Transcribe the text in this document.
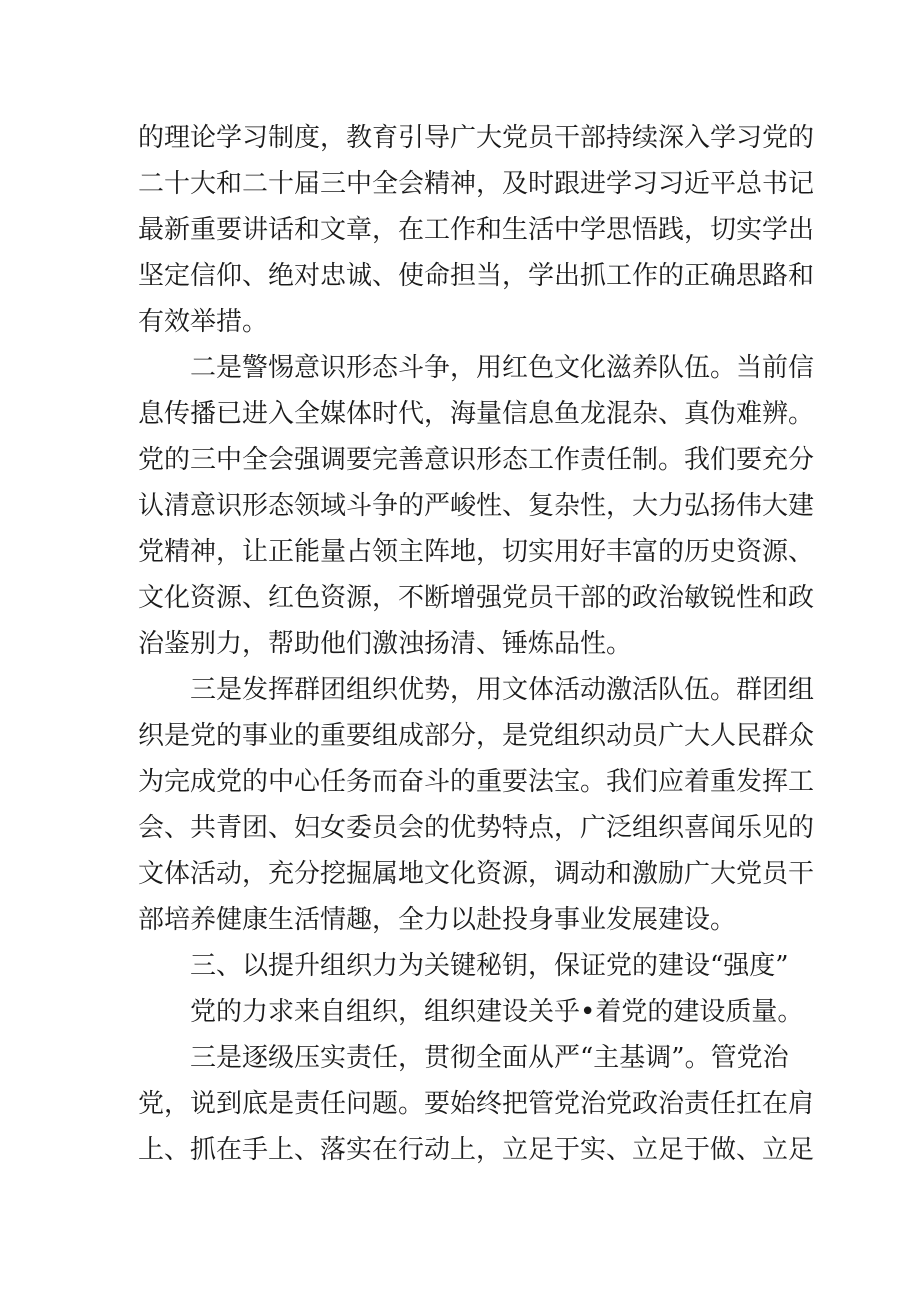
的理论学习制度，教育引导广大党员干部持续深入学习党的
二十大和二十届三中全会精神，及时跟进学习习近平总书记
最新重要讲话和文章，在工作和生活中学思悟践，切实学出
坚定信仰、绝对忠诚、使命担当，学出抓工作的正确思路和
有效举措。
二是警惕意识形态斗争，用红色文化滋养队伍。当前信
息传播已进入全媒体时代，海量信息鱼龙混杂、真伪难辨。
党的三中全会强调要完善意识形态工作责任制。我们要充分
认清意识形态领域斗争的严峻性、复杂性，大力弘扬伟大建
党精神，让正能量占领主阵地，切实用好丰富的历史资源、
文化资源、红色资源，不断增强党员干部的政治敏锐性和政
治鉴别力，帮助他们激浊扬清、锤炼品性。
三是发挥群团组织优势，用文体活动激活队伍。群团组
织是党的事业的重要组成部分，是党组织动员广大人民群众
为完成党的中心任务而奋斗的重要法宝。我们应着重发挥工
会、共青团、妇女委员会的优势特点，广泛组织喜闻乐见的
文体活动，充分挖掘属地文化资源，调动和激励广大党员干
部培养健康生活情趣，全力以赴投身事业发展建设。
三、以提升组织力为关键秘钥，保证党的建设“强度”
党的力求来自组织，组织建设关乎•着党的建设质量。
三是逐级压实责任，贯彻全面从严“主基调”。管党治
党，说到底是责任问题。要始终把管党治党政治责任扛在肩
上、抓在手上、落实在行动上，立足于实、立足于做、立足
